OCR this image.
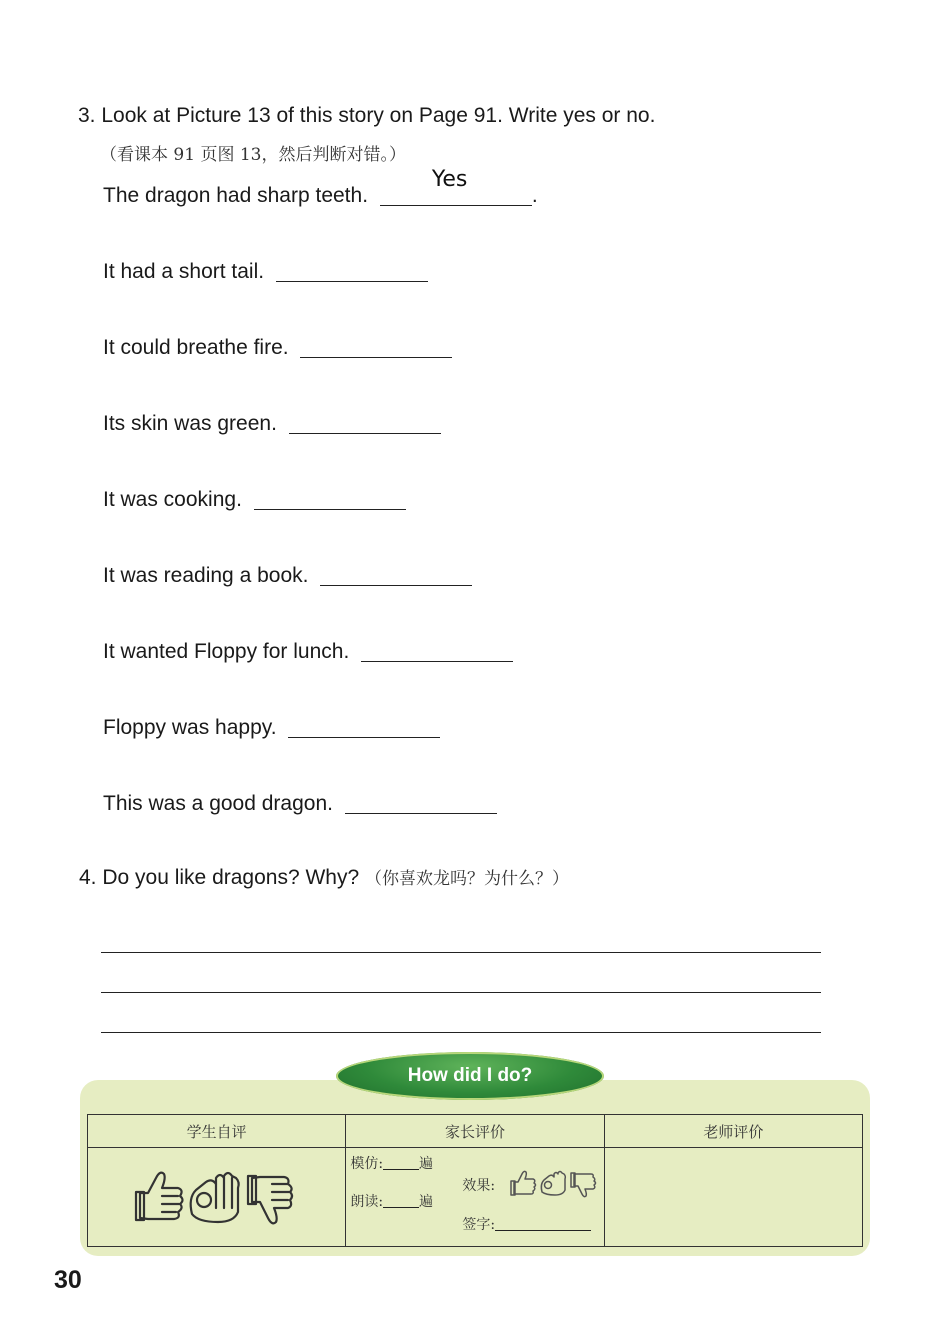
3. Look at Picture 13 of this story on Page 91. Write yes or no.
（看课本 91 页图 13，然后判断对错。）
The dragon had sharp teeth.
Yes
.
It had a short tail.
It could breathe fire.
Its skin was green.
It was cooking.
It was reading a book.
It wanted Floppy for lunch.
Floppy was happy.
This was a good dragon.
4. Do you like dragons? Why? （你喜欢龙吗？为什么？）
How did I do?
学生自评	家长评价	老师评价

模仿: 遍
朗读: 遍
效果:
签字:	

30
